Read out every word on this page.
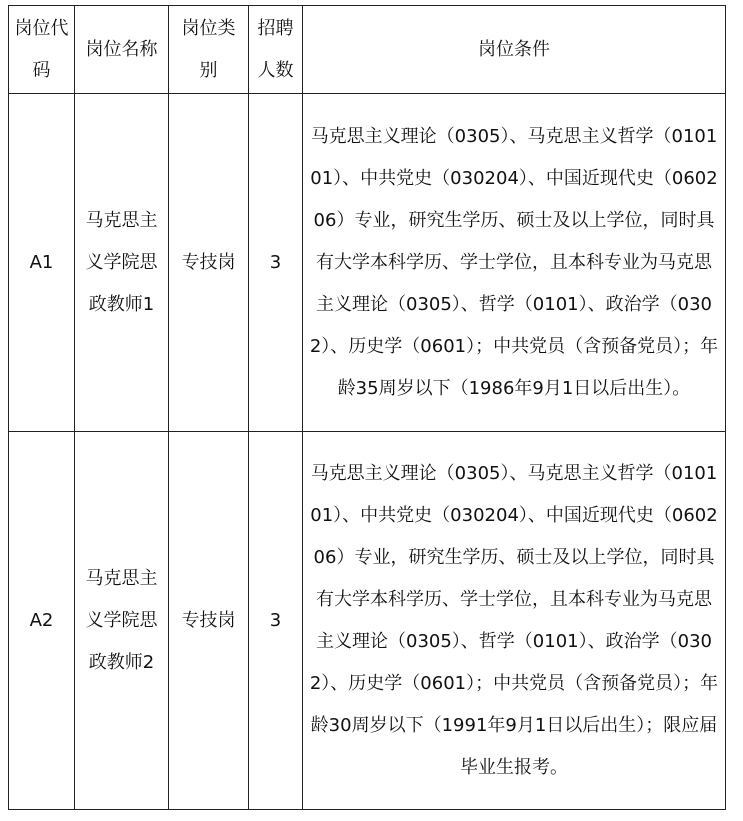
岗位代码	岗位名称	岗位类别	招聘人数	岗位条件

A1	马克思主义学院思政教师1	专技岗	3	马克思主义理论（0305）、马克思主义哲学（010101）、中共党史（030204）、中国近现代史（060206）专业，研究生学历、硕士及以上学位，同时具有大学本科学历、学士学位，且本科专业为马克思主义理论（0305）、哲学（0101）、政治学（0302）、历史学（0601）；中共党员（含预备党员）；年龄35周岁以下（1986年9月1日以后出生）。

A2	马克思主义学院思政教师2	专技岗	3	马克思主义理论（0305）、马克思主义哲学（010101）、中共党史（030204）、中国近现代史（060206）专业，研究生学历、硕士及以上学位，同时具有大学本科学历、学士学位，且本科专业为马克思主义理论（0305）、哲学（0101）、政治学（0302）、历史学（0601）；中共党员（含预备党员）；年龄30周岁以下（1991年9月1日以后出生）；限应届毕业生报考。
